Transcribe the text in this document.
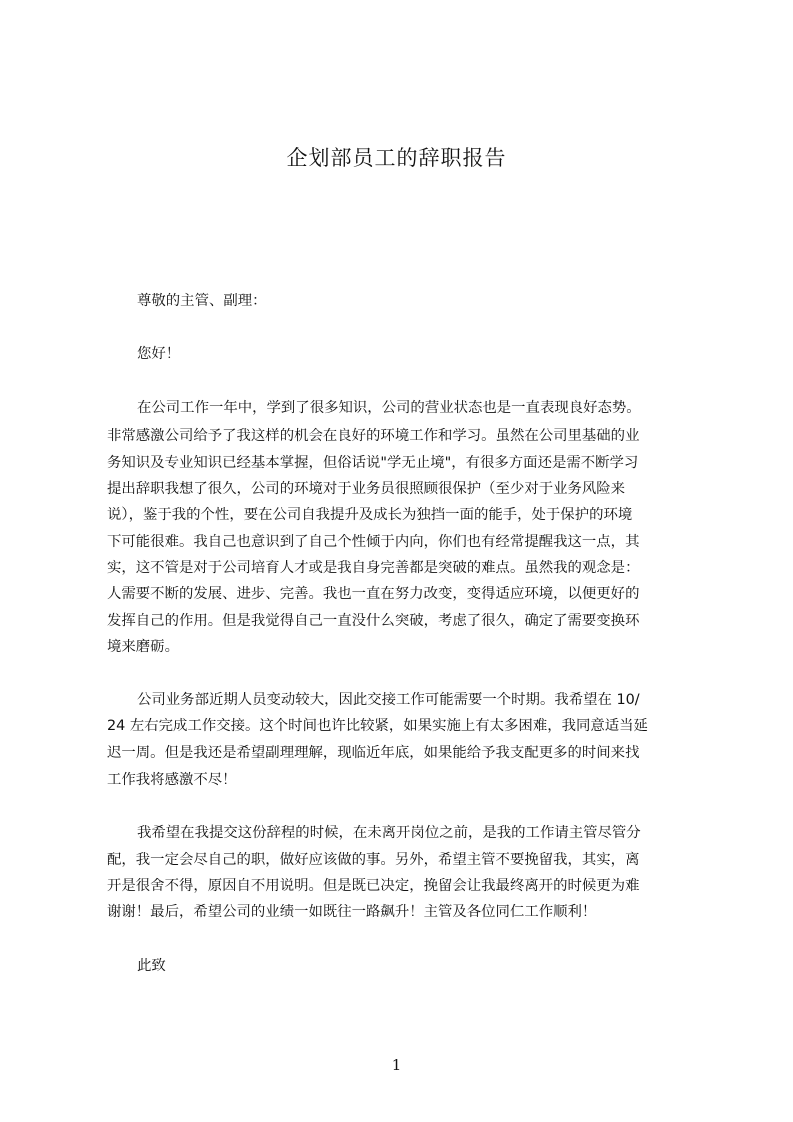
企划部员工的辞职报告
尊敬的主管、副理：
您好！
在公司工作一年中，学到了很多知识，公司的营业状态也是一直表现良好态势。
非常感激公司给予了我这样的机会在良好的环境工作和学习。虽然在公司里基础的业
务知识及专业知识已经基本掌握，但俗话说"学无止境"，有很多方面还是需不断学习
提出辞职我想了很久，公司的环境对于业务员很照顾很保护（至少对于业务风险来
说），鉴于我的个性，要在公司自我提升及成长为独挡一面的能手，处于保护的环境
下可能很难。我自己也意识到了自己个性倾于内向，你们也有经常提醒我这一点，其
实，这不管是对于公司培育人才或是我自身完善都是突破的难点。虽然我的观念是：
人需要不断的发展、进步、完善。我也一直在努力改变，变得适应环境，以便更好的
发挥自己的作用。但是我觉得自己一直没什么突破，考虑了很久，确定了需要变换环
境来磨砺。
公司业务部近期人员变动较大，因此交接工作可能需要一个时期。我希望在 10/
24 左右完成工作交接。这个时间也许比较紧，如果实施上有太多困难，我同意适当延
迟一周。但是我还是希望副理理解，现临近年底，如果能给予我支配更多的时间来找
工作我将感激不尽！
我希望在我提交这份辞程的时候，在未离开岗位之前，是我的工作请主管尽管分
配，我一定会尽自己的职，做好应该做的事。另外，希望主管不要挽留我，其实，离
开是很舍不得，原因自不用说明。但是既已决定，挽留会让我最终离开的时候更为难
谢谢！最后，希望公司的业绩一如既往一路飙升！主管及各位同仁工作顺利！
此致
1
